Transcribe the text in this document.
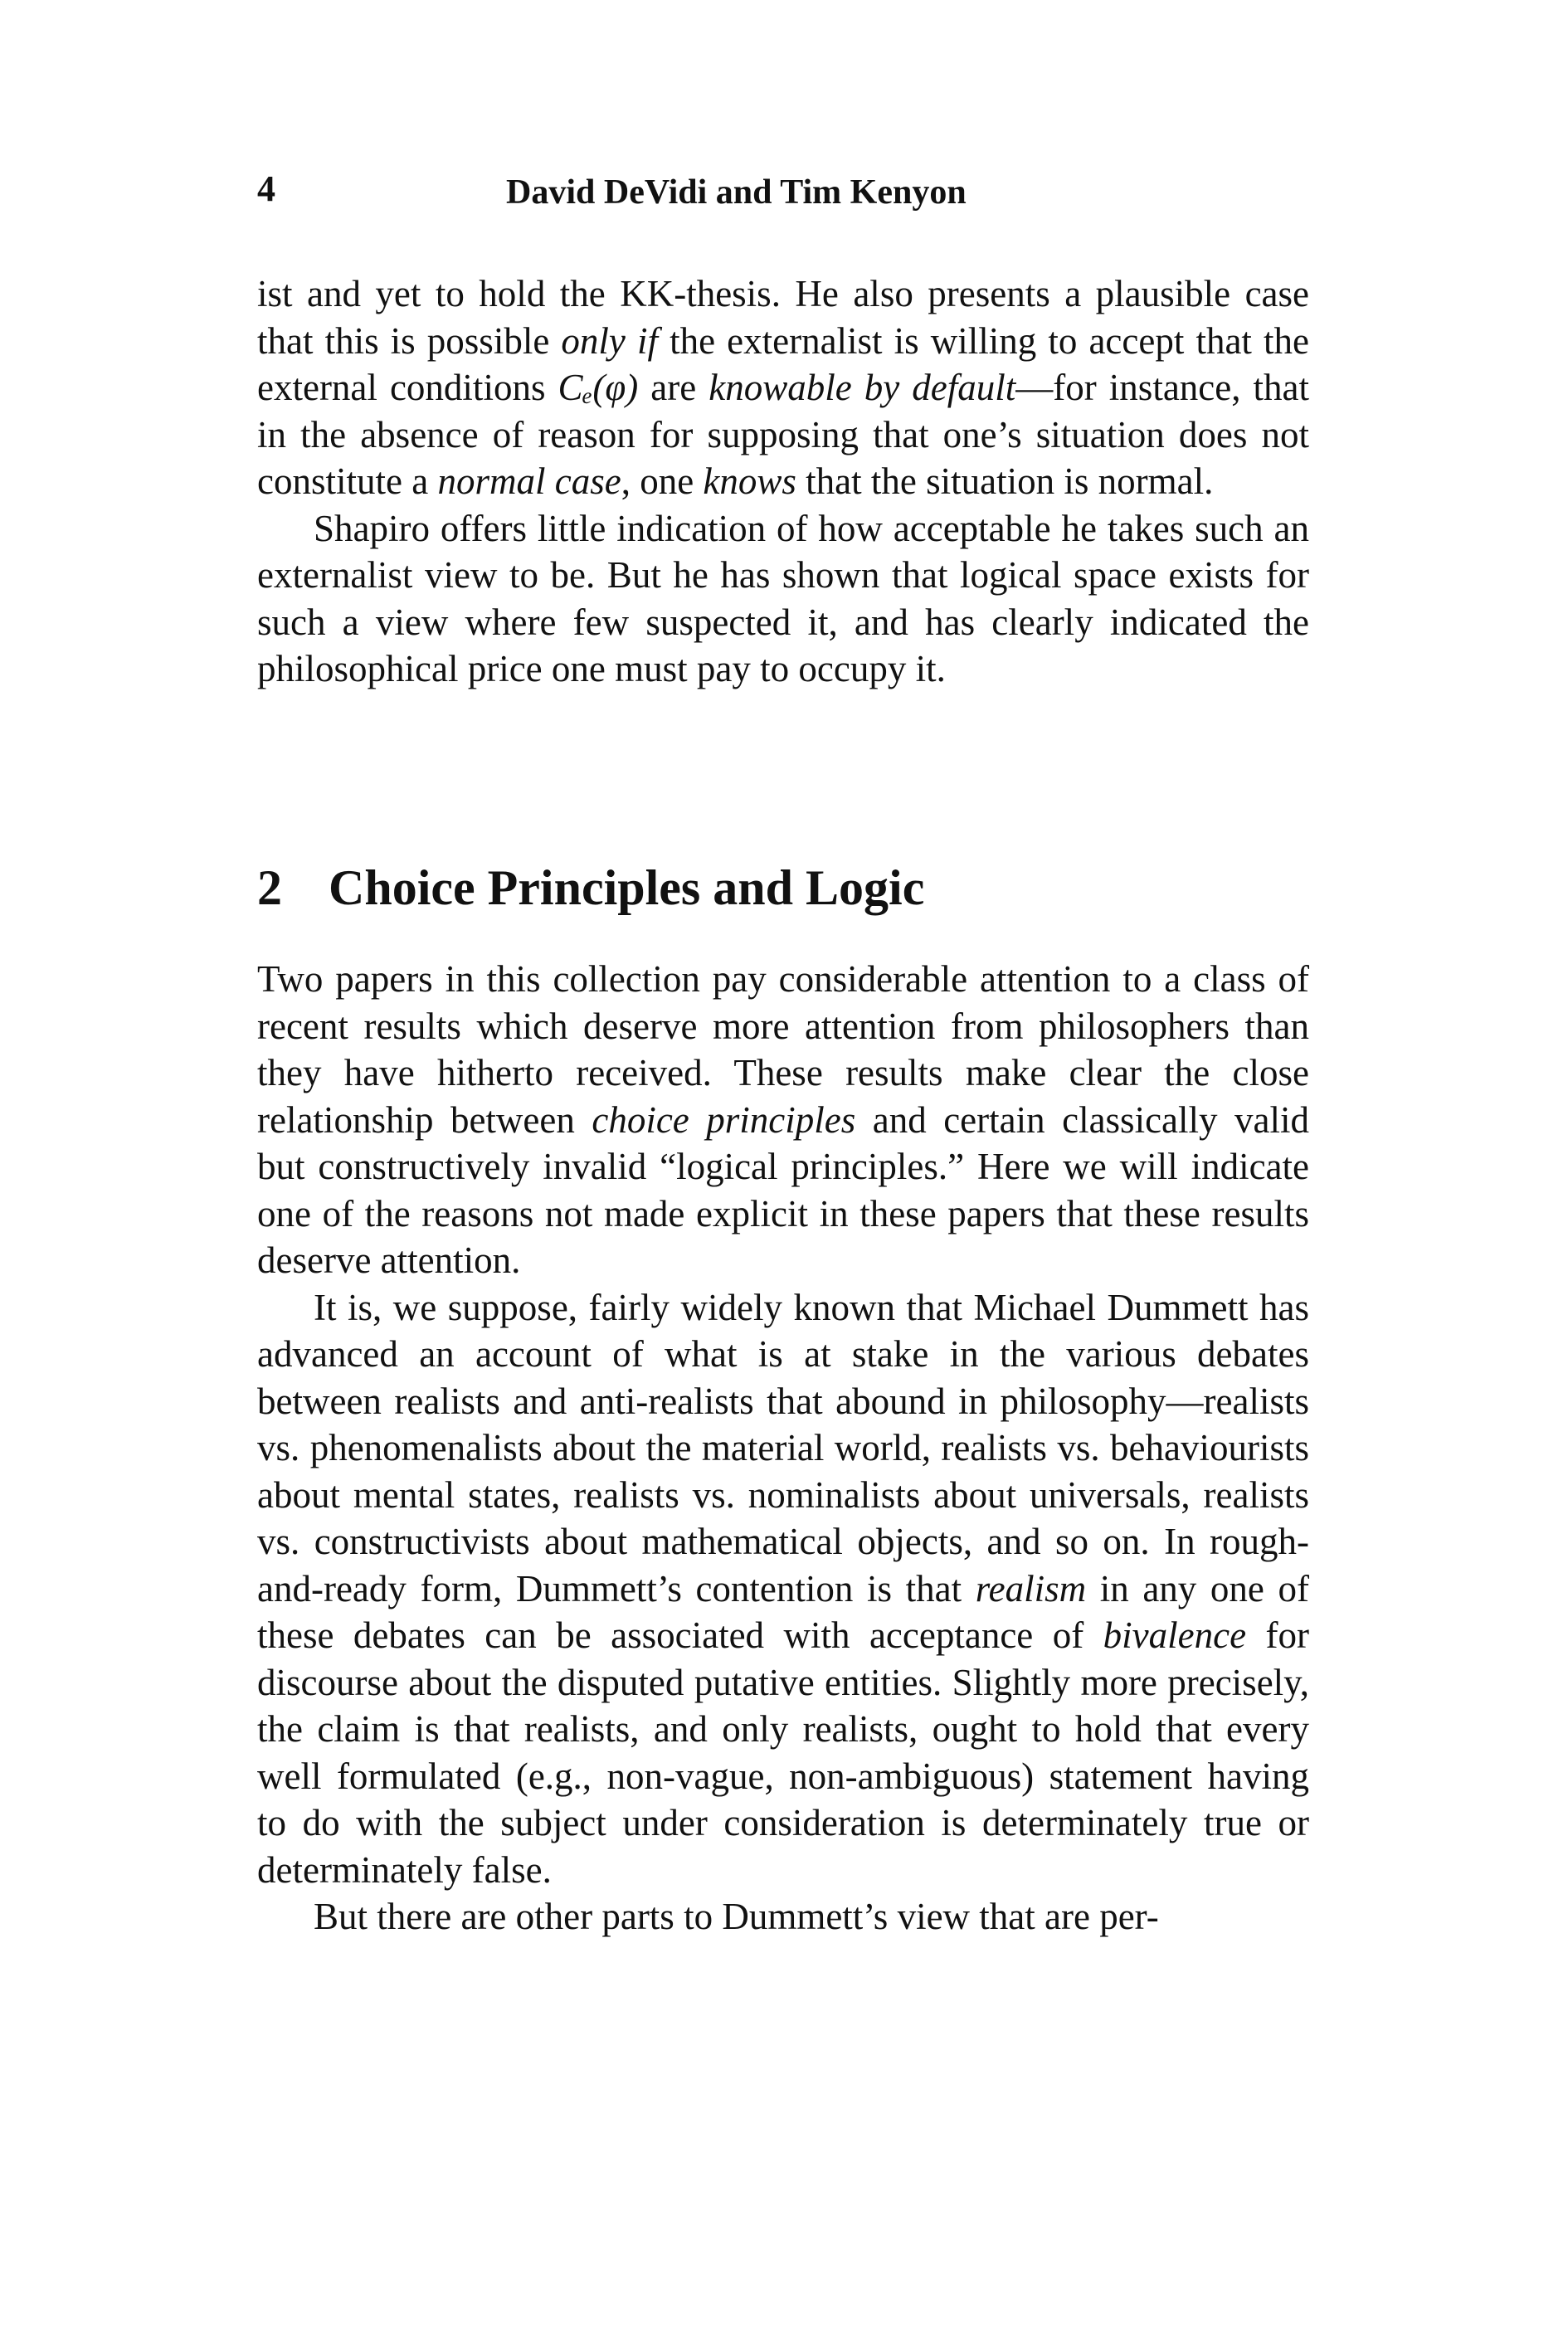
4	David DeVidi and Tim Kenyon

ist and yet to hold the KK-thesis. He also presents a plausible case that this is possible only if the externalist is willing to accept that the external conditions Cₑ(φ) are knowable by default—for instance, that in the absence of reason for supposing that one’s situation does not constitute a normal case, one knows that the situation is normal.

Shapiro offers little indication of how acceptable he takes such an externalist view to be. But he has shown that logical space exists for such a view where few suspected it, and has clearly indicated the philosophical price one must pay to occupy it.

2 Choice Principles and Logic

Two papers in this collection pay considerable attention to a class of recent results which deserve more attention from philosophers than they have hitherto received. These results make clear the close relationship between choice principles and certain classically valid but constructively invalid “logical principles.” Here we will indicate one of the reasons not made explicit in these papers that these results deserve attention.

It is, we suppose, fairly widely known that Michael Dummett has advanced an account of what is at stake in the various debates between realists and anti-realists that abound in philosophy—realists vs. phenomenalists about the material world, realists vs. behaviourists about mental states, realists vs. nominalists about universals, realists vs. constructivists about mathematical objects, and so on. In rough-and-ready form, Dummett’s contention is that realism in any one of these debates can be associated with acceptance of bivalence for discourse about the disputed putative entities. Slightly more precisely, the claim is that realists, and only realists, ought to hold that every well formulated (e.g., non-vague, non-ambiguous) statement having to do with the subject under consideration is determinately true or determinately false.

But there are other parts to Dummett’s view that are per-
